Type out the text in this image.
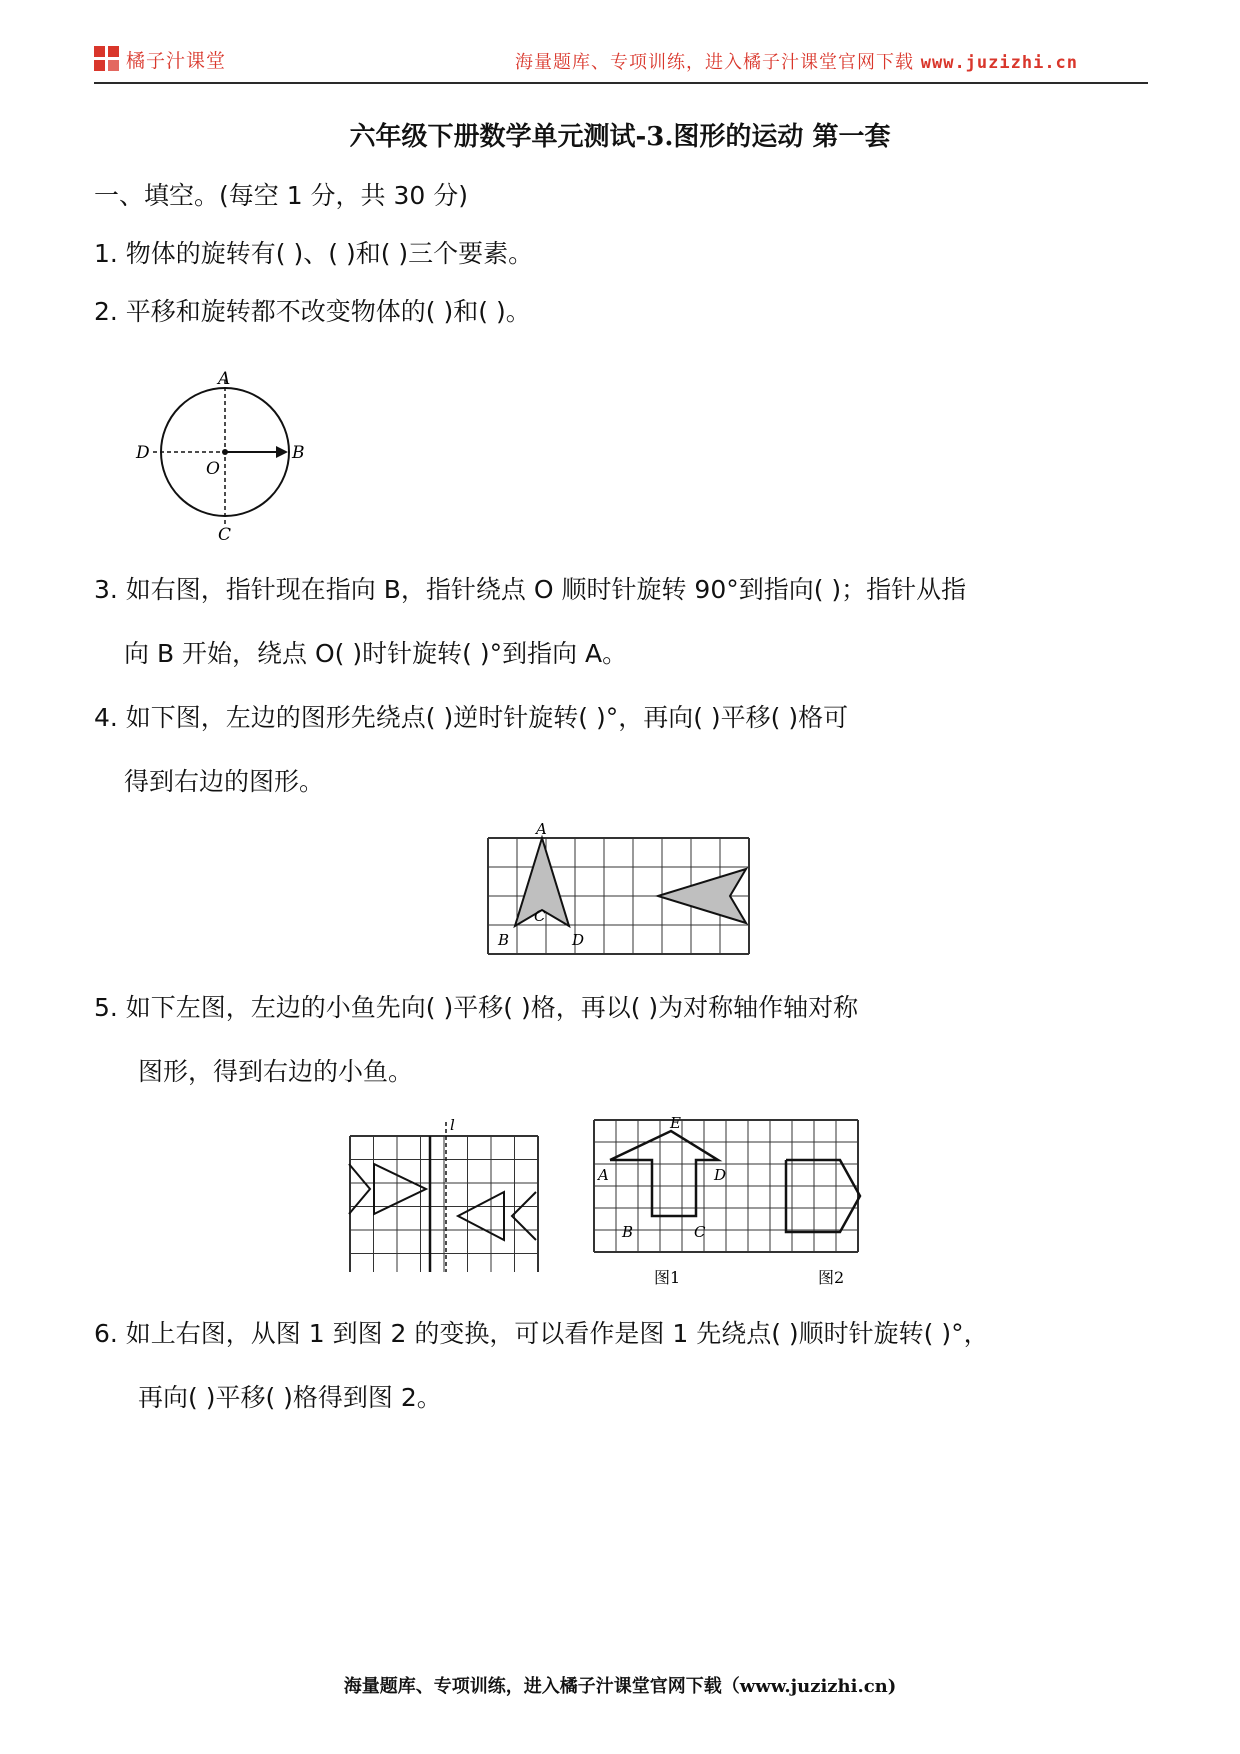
橘子汁课堂	海量题库、专项训练，进入橘子汁课堂官网下载 www.juzizhi.cn
六年级下册数学单元测试-3.图形的运动 第一套
一、填空。(每空 1 分，共 30 分)
1. 物体的旋转有( )、( )和( )三个要素。
2. 平移和旋转都不改变物体的( )和( )。
A
B
C
D
O
3. 如右图，指针现在指向 B，指针绕点 O 顺时针旋转 90°到指向( )；指针从指
向 B 开始，绕点 O( )时针旋转( )°到指向 A。
4. 如下图，左边的图形先绕点( )逆时针旋转( )°，再向( )平移( )格可
得到右边的图形。
A
B
C
D
5. 如下左图，左边的小鱼先向( )平移( )格，再以( )为对称轴作轴对称
图形，得到右边的小鱼。
l
A
B	C
D
E
图1	图2
6. 如上右图，从图 1 到图 2 的变换，可以看作是图 1 先绕点( )顺时针旋转( )°，
再向( )平移( )格得到图 2。
海量题库、专项训练，进入橘子汁课堂官网下载（www.juzizhi.cn)
